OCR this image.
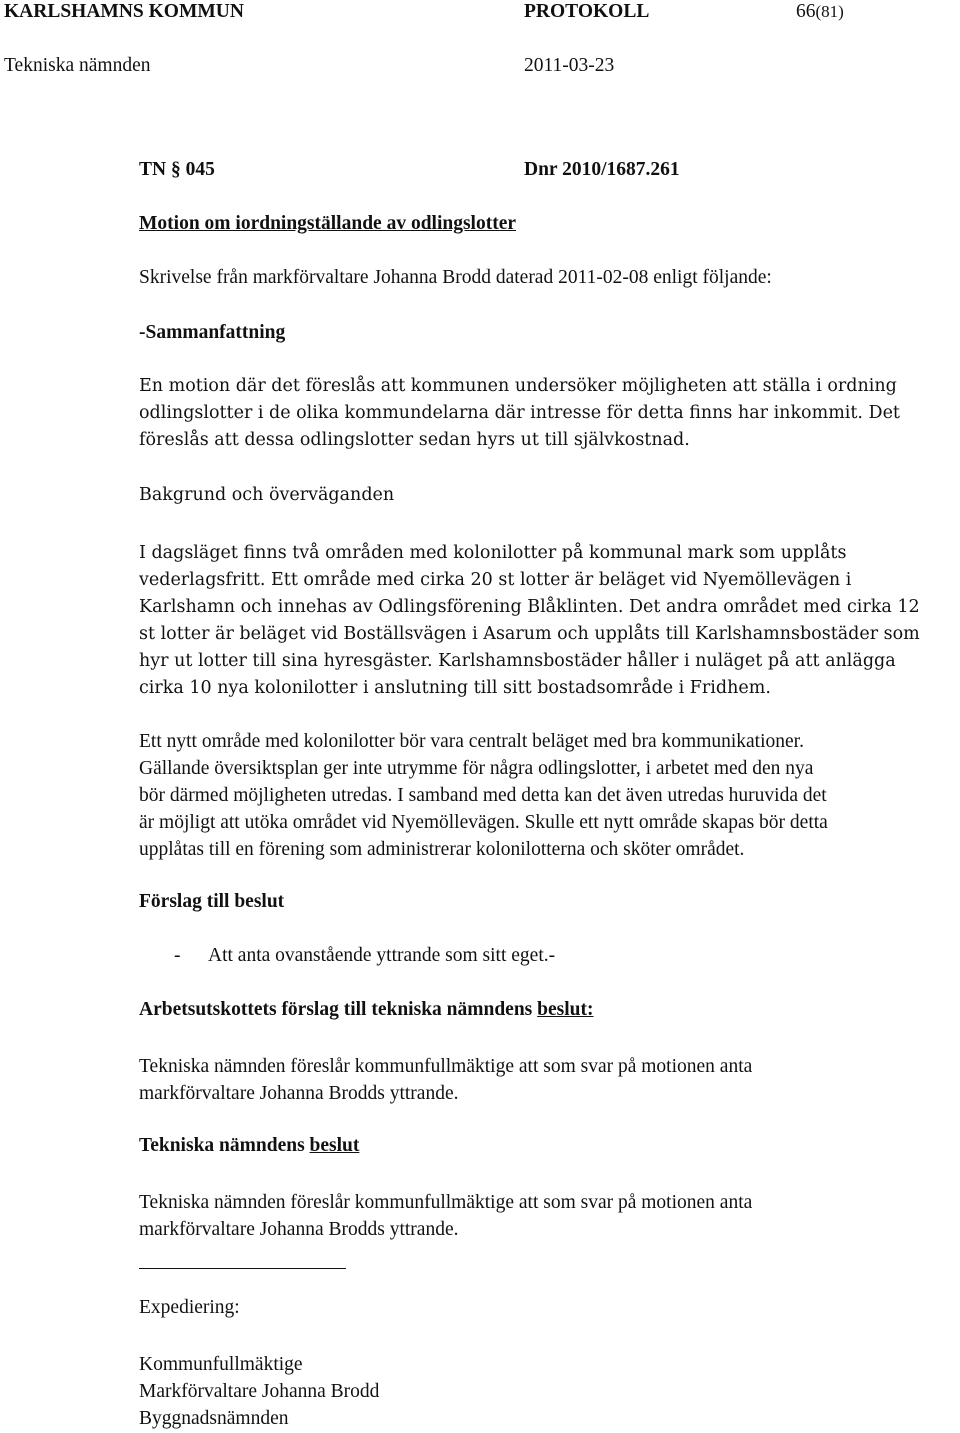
KARLSHAMNS KOMMUN	PROTOKOLL	66(81)
Tekniska nämnden	2011-03-23
TN § 045	Dnr 2010/1687.261
Motion om iordningställande av odlingslotter
Skrivelse från markförvaltare Johanna Brodd daterad 2011-02-08 enligt följande:
-Sammanfattning
En motion där det föreslås att kommunen undersöker möjligheten att ställa i ordning
odlingslotter i de olika kommundelarna där intresse för detta finns har inkommit. Det
föreslås att dessa odlingslotter sedan hyrs ut till självkostnad.
Bakgrund och överväganden
I dagsläget finns två områden med kolonilotter på kommunal mark som upplåts
vederlagsfritt. Ett område med cirka 20 st lotter är beläget vid Nyemöllevägen i
Karlshamn och innehas av Odlingsförening Blåklinten. Det andra området med cirka 12
st lotter är beläget vid Boställsvägen i Asarum och upplåts till Karlshamnsbostäder som
hyr ut lotter till sina hyresgäster. Karlshamnsbostäder håller i nuläget på att anlägga
cirka 10 nya kolonilotter i anslutning till sitt bostadsområde i Fridhem.
Ett nytt område med kolonilotter bör vara centralt beläget med bra kommunikationer.
Gällande översiktsplan ger inte utrymme för några odlingslotter, i arbetet med den nya
bör därmed möjligheten utredas. I samband med detta kan det även utredas huruvida det
är möjligt att utöka området vid Nyemöllevägen. Skulle ett nytt område skapas bör detta
upplåtas till en förening som administrerar kolonilotterna och sköter området.
Förslag till beslut
- Att anta ovanstående yttrande som sitt eget.-
Arbetsutskottets förslag till tekniska nämndens beslut:
Tekniska nämnden föreslår kommunfullmäktige att som svar på motionen anta
markförvaltare Johanna Brodds yttrande.
Tekniska nämndens beslut
Tekniska nämnden föreslår kommunfullmäktige att som svar på motionen anta
markförvaltare Johanna Brodds yttrande.
Expediering:
Kommunfullmäktige
Markförvaltare Johanna Brodd
Byggnadsnämnden
